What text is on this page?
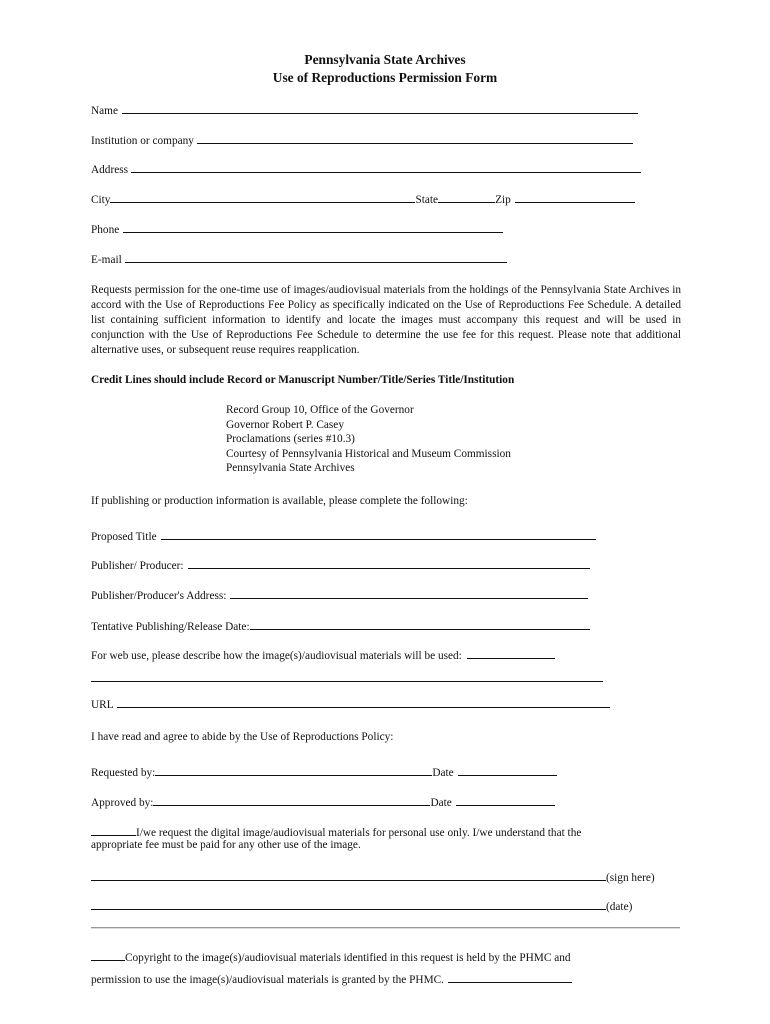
Pennsylvania State Archives
Use of Reproductions Permission Form
Name
Institution or company
Address
City	State	Zip
Phone
E-mail
Requests permission for the one-time use of images/audiovisual materials from the holdings of the Pennsylvania State Archives in accord with the Use of Reproductions Fee Policy as specifically indicated on the Use of Reproductions Fee Schedule. A detailed list containing sufficient information to identify and locate the images must accompany this request and will be used in conjunction with the Use of Reproductions Fee Schedule to determine the use fee for this request. Please note that additional alternative uses, or subsequent reuse requires reapplication.
Credit Lines should include Record or Manuscript Number/Title/Series Title/Institution
Record Group 10, Office of the Governor
Governor Robert P. Casey
Proclamations (series #10.3)
Courtesy of Pennsylvania Historical and Museum Commission
Pennsylvania State Archives
If publishing or production information is available, please complete the following:
Proposed Title
Publisher/ Producer:
Publisher/Producer's Address:
Tentative Publishing/Release Date:
For web use, please describe how the image(s)/audiovisual materials will be used:
URL
I have read and agree to abide by the Use of Reproductions Policy:
Requested by:	Date
Approved by:	Date
I/we request the digital image/audiovisual materials for personal use only. I/we understand that the
appropriate fee must be paid for any other use of the image.
(sign here)
(date)
Copyright to the image(s)/audiovisual materials identified in this request is held by the PHMC and
permission to use the image(s)/audiovisual materials is granted by the PHMC.
